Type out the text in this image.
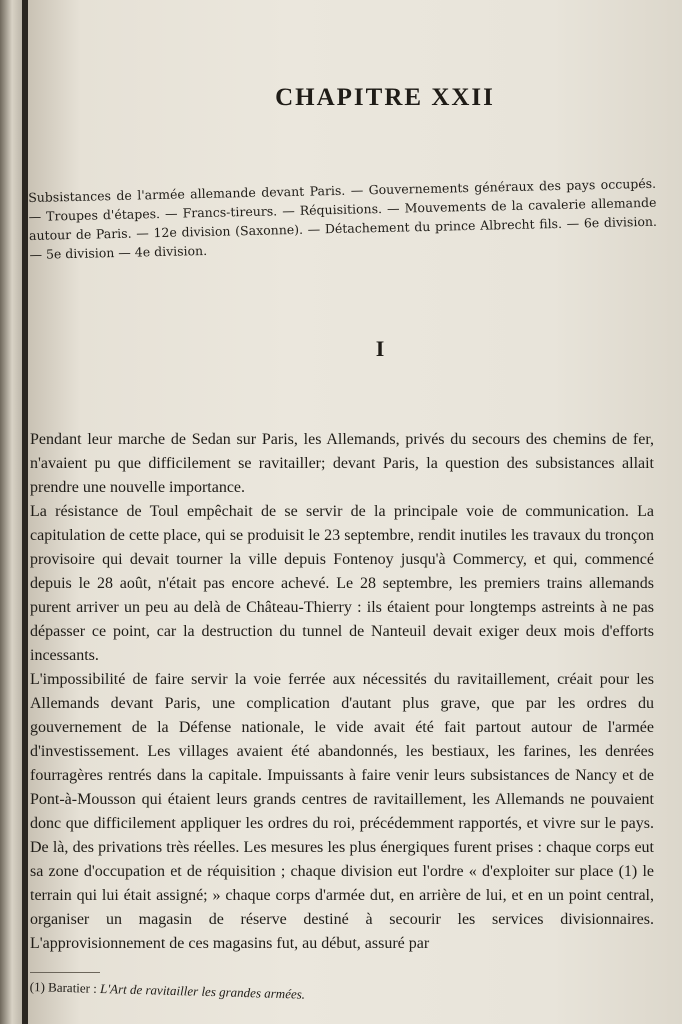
CHAPITRE XXII

Subsistances de l'armée allemande devant Paris. — Gouvernements généraux des pays occupés. — Troupes d'étapes. — Francs-tireurs. — Réquisitions. — Mouvements de la cavalerie allemande autour de Paris. — 12e division (Saxonne). — Détachement du prince Albrecht fils. — 6e division. — 5e division — 4e division.

I

Pendant leur marche de Sedan sur Paris, les Allemands, privés du secours des chemins de fer, n'avaient pu que difficilement se ravitailler; devant Paris, la question des subsistances allait prendre une nouvelle importance.

La résistance de Toul empêchait de se servir de la principale voie de communication. La capitulation de cette place, qui se produisit le 23 septembre, rendit inutiles les travaux du tronçon provisoire qui devait tourner la ville depuis Fontenoy jusqu'à Commercy, et qui, commencé depuis le 28 août, n'était pas encore achevé. Le 28 septembre, les premiers trains allemands purent arriver un peu au delà de Château-Thierry : ils étaient pour longtemps astreints à ne pas dépasser ce point, car la destruction du tunnel de Nanteuil devait exiger deux mois d'efforts incessants.

L'impossibilité de faire servir la voie ferrée aux nécessités du ravitaillement, créait pour les Allemands devant Paris, une complication d'autant plus grave, que par les ordres du gouvernement de la Défense nationale, le vide avait été fait partout autour de l'armée d'investissement. Les villages avaient été abandonnés, les bestiaux, les farines, les denrées fourragères rentrés dans la capitale. Impuissants à faire venir leurs subsistances de Nancy et de Pont-à-Mousson qui étaient leurs grands centres de ravitaillement, les Allemands ne pouvaient donc que difficilement appliquer les ordres du roi, précédemment rapportés, et vivre sur le pays. De là, des privations très réelles. Les mesures les plus énergiques furent prises : chaque corps eut sa zone d'occupation et de réquisition ; chaque division eut l'ordre « d'exploiter sur place (1) le terrain qui lui était assigné; » chaque corps d'armée dut, en arrière de lui, et en un point central, organiser un magasin de réserve destiné à secourir les services divisionnaires. L'approvisionnement de ces magasins fut, au début, assuré par

(1) Baratier : L'Art de ravitailler les grandes armées.
